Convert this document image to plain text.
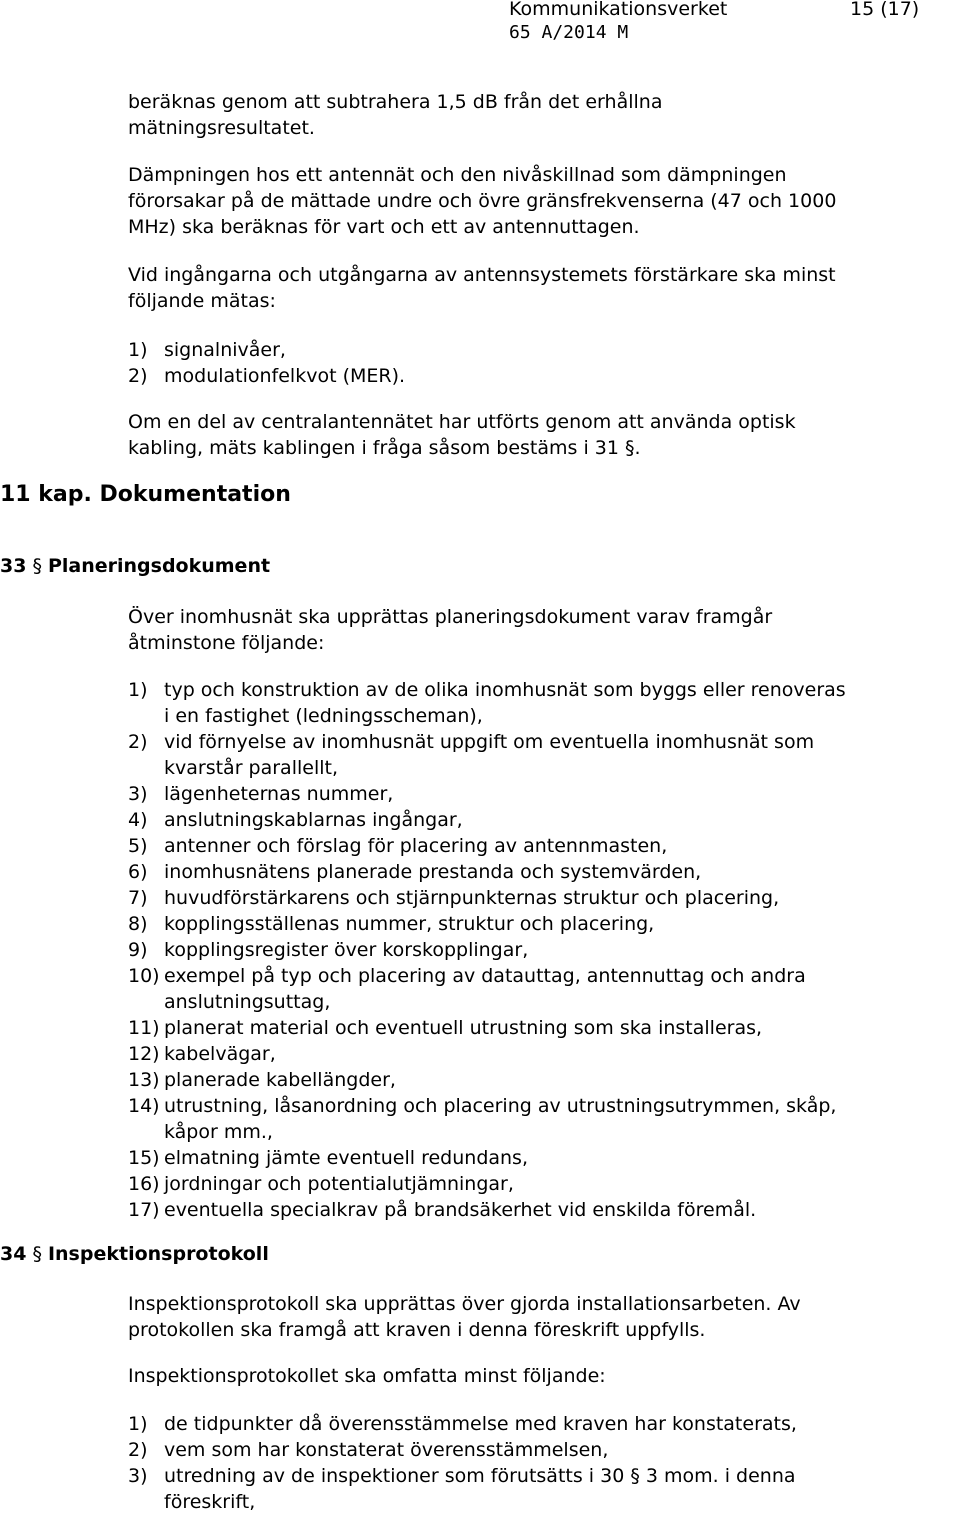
Kommunikationsverket	15 (17)
65 A/2014 M

beräknas genom att subtrahera 1,5 dB från det erhållna
mätningsresultatet.

Dämpningen hos ett antennät och den nivåskillnad som dämpningen
förorsakar på de mättade undre och övre gränsfrekvenserna (47 och 1000
MHz) ska beräknas för vart och ett av antennuttagen.

Vid ingångarna och utgångarna av antennsystemets förstärkare ska minst
följande mätas:

1) signalnivåer,
2) modulationfelkvot (MER).

Om en del av centralantennätet har utförts genom att använda optisk
kabling, mäts kablingen i fråga såsom bestäms i 31 §.

11 kap. Dokumentation
33 § Planeringsdokument

Över inomhusnät ska upprättas planeringsdokument varav framgår
åtminstone följande:

1) typ och konstruktion av de olika inomhusnät som byggs eller renoveras
i en fastighet (ledningsscheman),
2) vid förnyelse av inomhusnät uppgift om eventuella inomhusnät som
kvarstår parallellt,
3) lägenheternas nummer,
4) anslutningskablarnas ingångar,
5) antenner och förslag för placering av antennmasten,
6) inomhusnätens planerade prestanda och systemvärden,
7) huvudförstärkarens och stjärnpunkternas struktur och placering,
8) kopplingsställenas nummer, struktur och placering,
9) kopplingsregister över korskopplingar,
10) exempel på typ och placering av datauttag, antennuttag och andra
anslutningsuttag,
11) planerat material och eventuell utrustning som ska installeras,
12) kabelvägar,
13) planerade kabellängder,
14) utrustning, låsanordning och placering av utrustningsutrymmen, skåp,
kåpor mm.,
15) elmatning jämte eventuell redundans,
16) jordningar och potentialutjämningar,
17) eventuella specialkrav på brandsäkerhet vid enskilda föremål.
34 § Inspektionsprotokoll

Inspektionsprotokoll ska upprättas över gjorda installationsarbeten. Av
protokollen ska framgå att kraven i denna föreskrift uppfylls.

Inspektionsprotokollet ska omfatta minst följande:

1) de tidpunkter då överensstämmelse med kraven har konstaterats,
2) vem som har konstaterat överensstämmelsen,
3) utredning av de inspektioner som förutsätts i 30 § 3 mom. i denna
föreskrift,
